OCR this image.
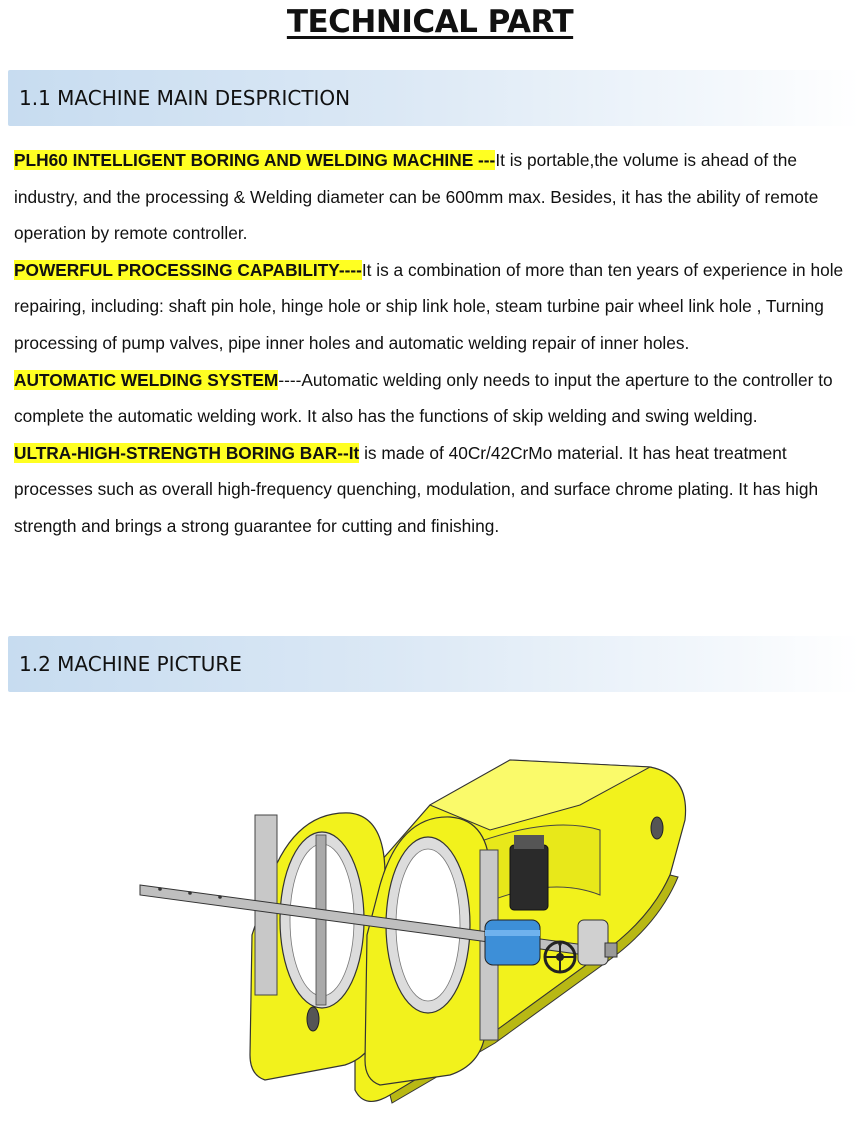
TECHNICAL PART
1.1 MACHINE MAIN DESPRICTION

PLH60 INTELLIGENT BORING AND WELDING MACHINE ---It is portable,the volume is ahead of the industry, and the processing & Welding diameter can be 600mm max. Besides, it has the ability of remote operation by remote controller.

POWERFUL PROCESSING CAPABILITY----It is a combination of more than ten years of experience in hole repairing, including: shaft pin hole, hinge hole or ship link hole, steam turbine pair wheel link hole , Turning processing of pump valves, pipe inner holes and automatic welding repair of inner holes.

AUTOMATIC WELDING SYSTEM----Automatic welding only needs to input the aperture to the controller to complete the automatic welding work. It also has the functions of skip welding and swing welding.

ULTRA-HIGH-STRENGTH BORING BAR--It is made of 40Cr/42CrMo material. It has heat treatment processes such as overall high-frequency quenching, modulation, and surface chrome plating. It has high strength and brings a strong guarantee for cutting and finishing.

1.2 MACHINE PICTURE
